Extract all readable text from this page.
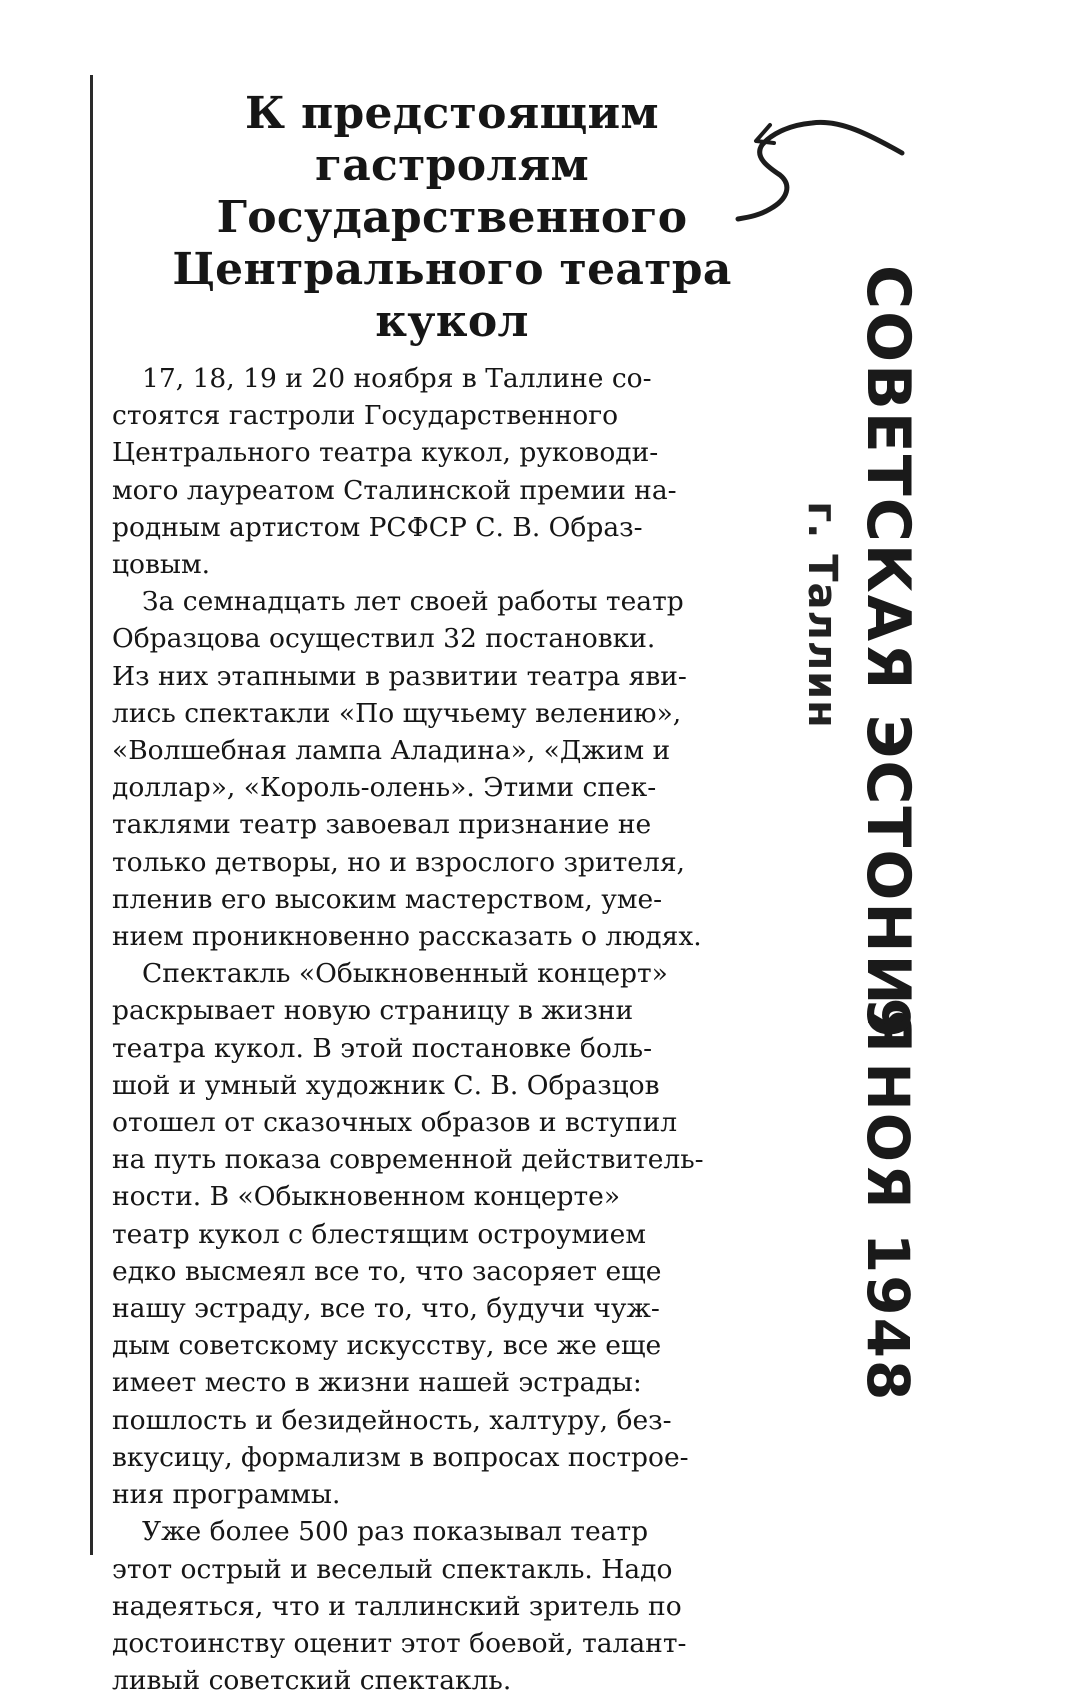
К предстоящим гастролям
Государственного
Центрального театра кукол

17, 18, 19 и 20 ноября в Таллине со-
стоятся гастроли Государственного
Центрального театра кукол, руководи-
мого лауреатом Сталинской премии на-
родным артистом РСФСР С. В. Образ-
цовым.

За семнадцать лет своей работы театр
Образцова осуществил 32 постановки.
Из них этапными в развитии театра яви-
лись спектакли «По щучьему велению»,
«Волшебная лампа Аладина», «Джим и
доллар», «Король-олень». Этими спек-
таклями театр завоевал признание не
только детворы, но и взрослого зрителя,
пленив его высоким мастерством, уме-
нием проникновенно рассказать о людях.

Спектакль «Обыкновенный концерт»
раскрывает новую страницу в жизни
театра кукол. В этой постановке боль-
шой и умный художник С. В. Образцов
отошел от сказочных образов и вступил
на путь показа современной действитель-
ности. В «Обыкновенном концерте»
театр кукол с блестящим остроумием
едко высмеял все то, что засоряет еще
нашу эстраду, все то, что, будучи чуж-
дым советскому искусству, все же еще
имеет место в жизни нашей эстрады:
пошлость и безидейность, халтуру, без-
вкусицу, формализм в вопросах построе-
ния программы.

Уже более 500 раз показывал театр
этот острый и веселый спектакль. Надо
надеяться, что и таллинский зритель по
достоинству оценит этот боевой, талант-
ливый советский спектакль.

СОВЕТСКАЯ ЭСТОНИЯ
г. Таллин
9 НОЯ 1948
